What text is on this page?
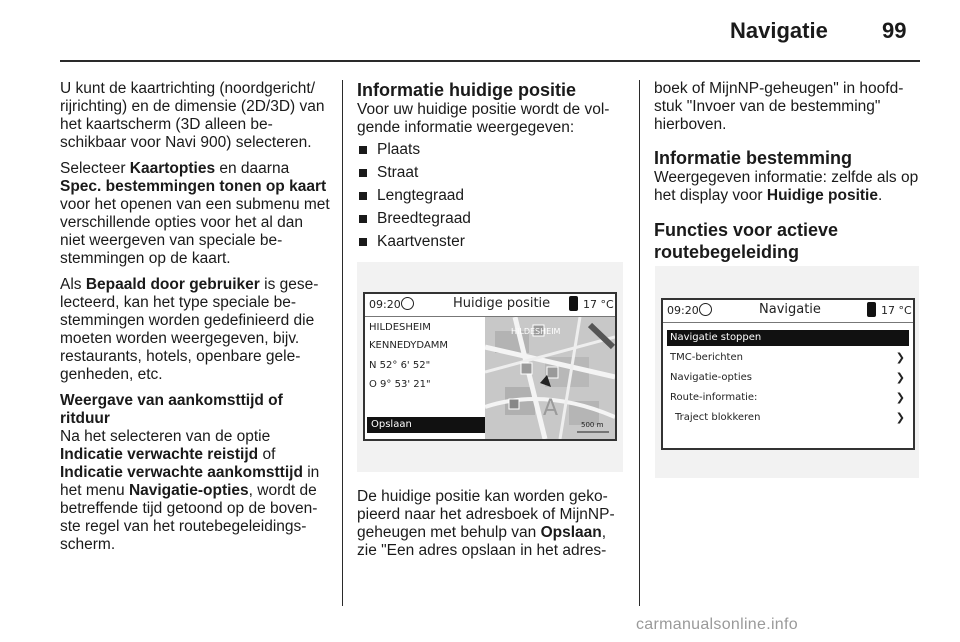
Navigatie 99

U kunt de kaartrichting (noordgericht/ rijrichting) en de dimensie (2D/3D) van het kaartscherm (3D alleen be-schikbaar voor Navi 900) selecteren.

Selecteer Kaartopties en daarna Spec. bestemmingen tonen op kaart voor het openen van een submenu met verschillende opties voor het al dan niet weergeven van speciale be-stemmingen op de kaart.

Als Bepaald door gebruiker is gese-lecteerd, kan het type speciale be-stemmingen worden gedefinieerd die moeten worden weergegeven, bijv. restaurants, hotels, openbare gele-genheden, etc.

Weergave van aankomsttijd of ritduur

Na het selecteren van de optie Indicatie verwachte reistijd of Indicatie verwachte aankomsttijd in het menu Navigatie-opties, wordt de betreffende tijd getoond op de boven-ste regel van het routebegeleidings-scherm.

Informatie huidige positie

Voor uw huidige positie wordt de vol-gende informatie weergegeven:

Plaats
Straat
Lengtegraad
Breedtegraad
Kaartvenster
09:20	Huidige positie	17 °C
HILDESHEIM
KENNEDYDAMM
N 52° 6' 52"
O 9° 53' 21"
Opslaan
A
HILDESHEIM
500 m
De huidige positie kan worden geko-pieerd naar het adresboek of MijnNP-geheugen met behulp van Opslaan, zie "Een adres opslaan in het adres-

boek of MijnNP-geheugen" in hoofd-stuk "Invoer van de bestemming" hierboven.

Informatie bestemming

Weergegeven informatie: zelfde als op het display voor Huidige positie.

Functies voor actieve
routebegeleiding
09:20	Navigatie	17 °C
Navigatie stoppen
TMC-berichten	❯
Navigatie-opties	❯
Route-informatie:	❯
Traject blokkeren	❯
carmanualsonline.info
